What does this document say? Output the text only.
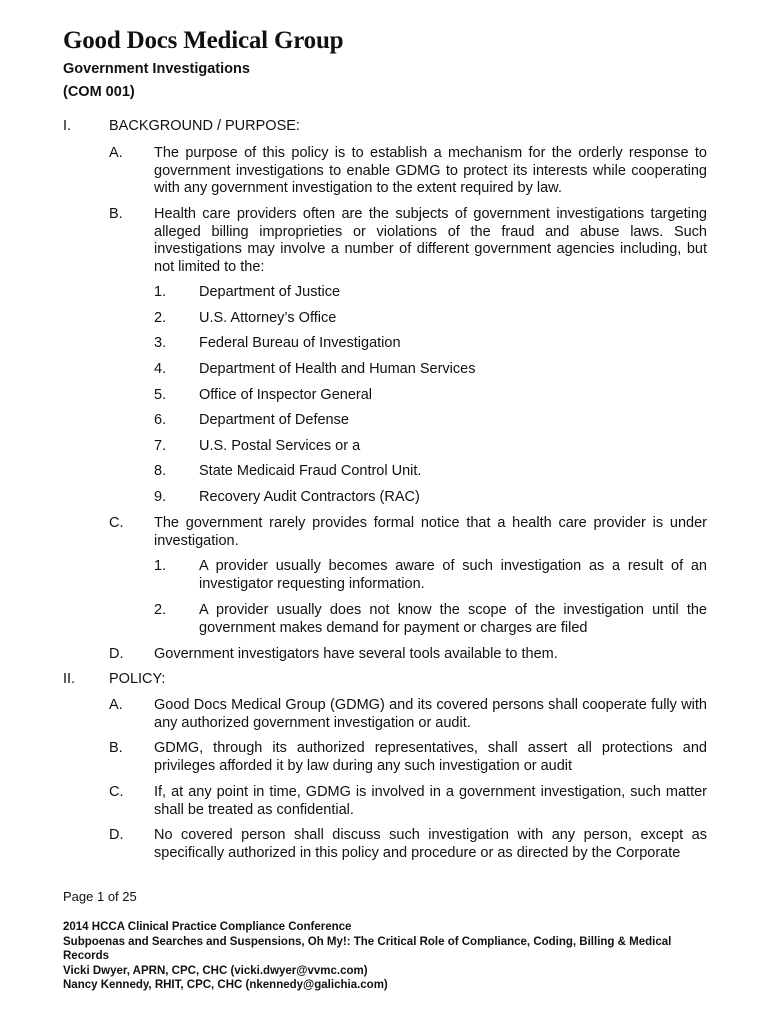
Good Docs Medical Group
Government Investigations
(COM 001)
I.	BACKGROUND / PURPOSE:
A. The purpose of this policy is to establish a mechanism for the orderly response to government investigations to enable GDMG to protect its interests while cooperating with any government investigation to the extent required by law.
B. Health care providers often are the subjects of government investigations targeting alleged billing improprieties or violations of the fraud and abuse laws. Such investigations may involve a number of different government agencies including, but not limited to the:
1. Department of Justice
2. U.S. Attorney’s Office
3. Federal Bureau of Investigation
4. Department of Health and Human Services
5. Office of Inspector General
6. Department of Defense
7. U.S. Postal Services or a
8. State Medicaid Fraud Control Unit.
9. Recovery Audit Contractors (RAC)
C. The government rarely provides formal notice that a health care provider is under investigation.
1. A provider usually becomes aware of such investigation as a result of an investigator requesting information.
2. A provider usually does not know the scope of the investigation until the government makes demand for payment or charges are filed
D. Government investigators have several tools available to them.
II. POLICY:
A. Good Docs Medical Group (GDMG) and its covered persons shall cooperate fully with any authorized government investigation or audit.
B. GDMG, through its authorized representatives, shall assert all protections and privileges afforded it by law during any such investigation or audit
C. If, at any point in time, GDMG is involved in a government investigation, such matter shall be treated as confidential.
D. No covered person shall discuss such investigation with any person, except as specifically authorized in this policy and procedure or as directed by the Corporate
Page 1 of 25
2014 HCCA Clinical Practice Compliance Conference
Subpoenas and Searches and Suspensions, Oh My!: The Critical Role of Compliance, Coding, Billing & Medical Records
Vicki Dwyer, APRN, CPC, CHC (vicki.dwyer@vvmc.com)
Nancy Kennedy, RHIT, CPC, CHC (nkennedy@galichia.com)
